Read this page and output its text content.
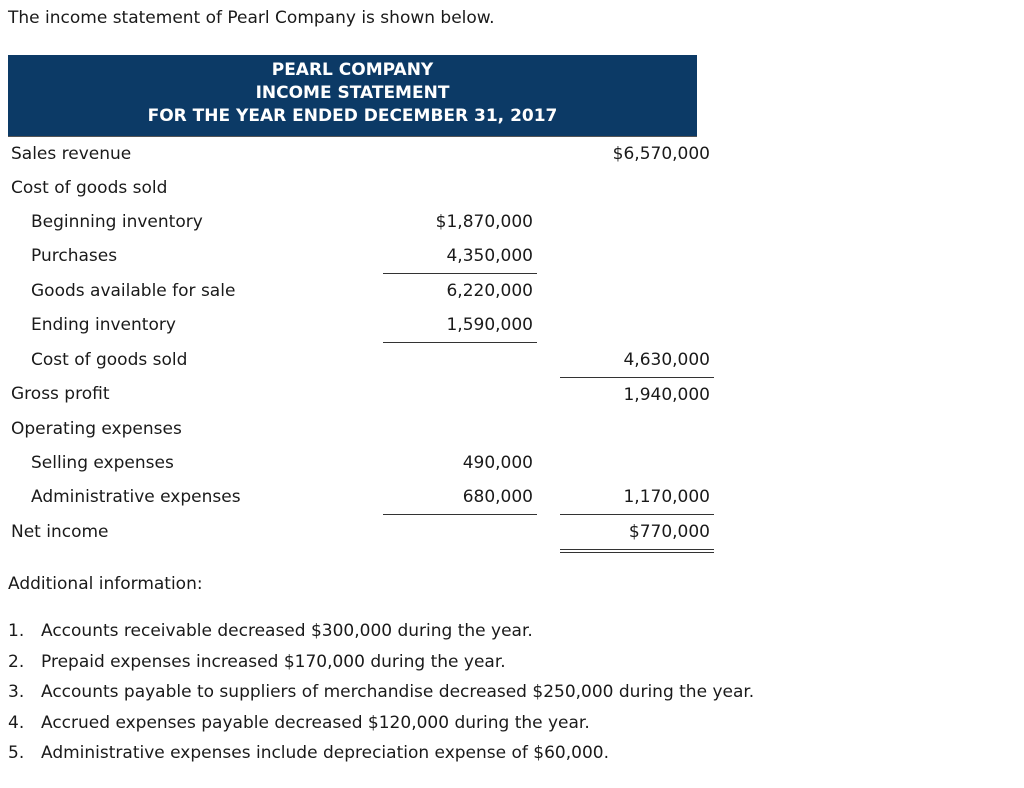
The income statement of Pearl Company is shown below.
PEARL COMPANY
INCOME STATEMENT
FOR THE YEAR ENDED DECEMBER 31, 2017
Sales revenue				$6,570,000
Cost of goods sold				
Beginning inventory		$1,870,000		
Purchases		4,350,000		
Goods available for sale		6,220,000		
Ending inventory		1,590,000		
Cost of goods sold				4,630,000
Gross profit				1,940,000
Operating expenses				
Selling expenses		490,000		
Administrative expenses		680,000		1,170,000
Net income				$770,000
Additional information:
1. Accounts receivable decreased $300,000 during the year.
2. Prepaid expenses increased $170,000 during the year.
3. Accounts payable to suppliers of merchandise decreased $250,000 during the year.
4. Accrued expenses payable decreased $120,000 during the year.
5. Administrative expenses include depreciation expense of $60,000.
